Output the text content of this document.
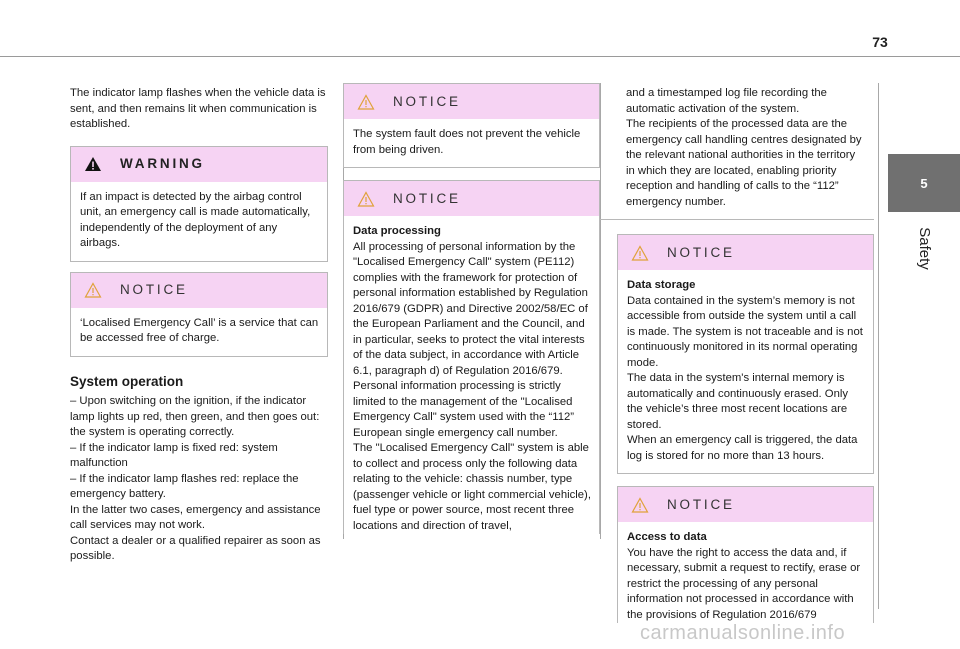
73
5
Safety

The indicator lamp flashes when the vehicle data is sent, and then remains lit when communication is established.

WARNING
If an impact is detected by the airbag control unit, an emergency call is made automatically, independently of the deployment of any airbags.
NOTICE
‘Localised Emergency Call’ is a service that can be accessed free of charge.
System operation

– Upon switching on the ignition, if the indicator lamp lights up red, then green, and then goes out: the system is operating correctly.

– If the indicator lamp is fixed red: system malfunction

– If the indicator lamp flashes red: replace the emergency battery.

In the latter two cases, emergency and assistance call services may not work.

Contact a dealer or a qualified repairer as soon as possible.

NOTICE
The system fault does not prevent the vehicle from being driven.
NOTICE

Data processing

All processing of personal information by the "Localised Emergency Call" system (PE112) complies with the framework for protection of personal information established by Regulation 2016/679 (GDPR) and Directive 2002/58/EC of the European Parliament and the Council, and in particular, seeks to protect the vital interests of the data subject, in accordance with Article 6.1, paragraph d) of Regulation 2016/679.

Personal information processing is strictly limited to the management of the "Localised Emergency Call" system used with the “112” European single emergency call number.

The "Localised Emergency Call" system is able to collect and process only the following data relating to the vehicle: chassis number, type (passenger vehicle or light commercial vehicle), fuel type or power source, most recent three locations and direction of travel,

and a timestamped log file recording the automatic activation of the system.

The recipients of the processed data are the emergency call handling centres designated by the relevant national authorities in the territory in which they are located, enabling priority reception and handling of calls to the “112” emergency number.

NOTICE

Data storage

Data contained in the system’s memory is not accessible from outside the system until a call is made. The system is not traceable and is not continuously monitored in its normal operating mode.

The data in the system's internal memory is automatically and continuously erased. Only the vehicle’s three most recent locations are stored.

When an emergency call is triggered, the data log is stored for no more than 13 hours.

NOTICE

Access to data

You have the right to access the data and, if necessary, submit a request to rectify, erase or restrict the processing of any personal information not processed in accordance with the provisions of Regulation 2016/679

carmanualsonline.info
